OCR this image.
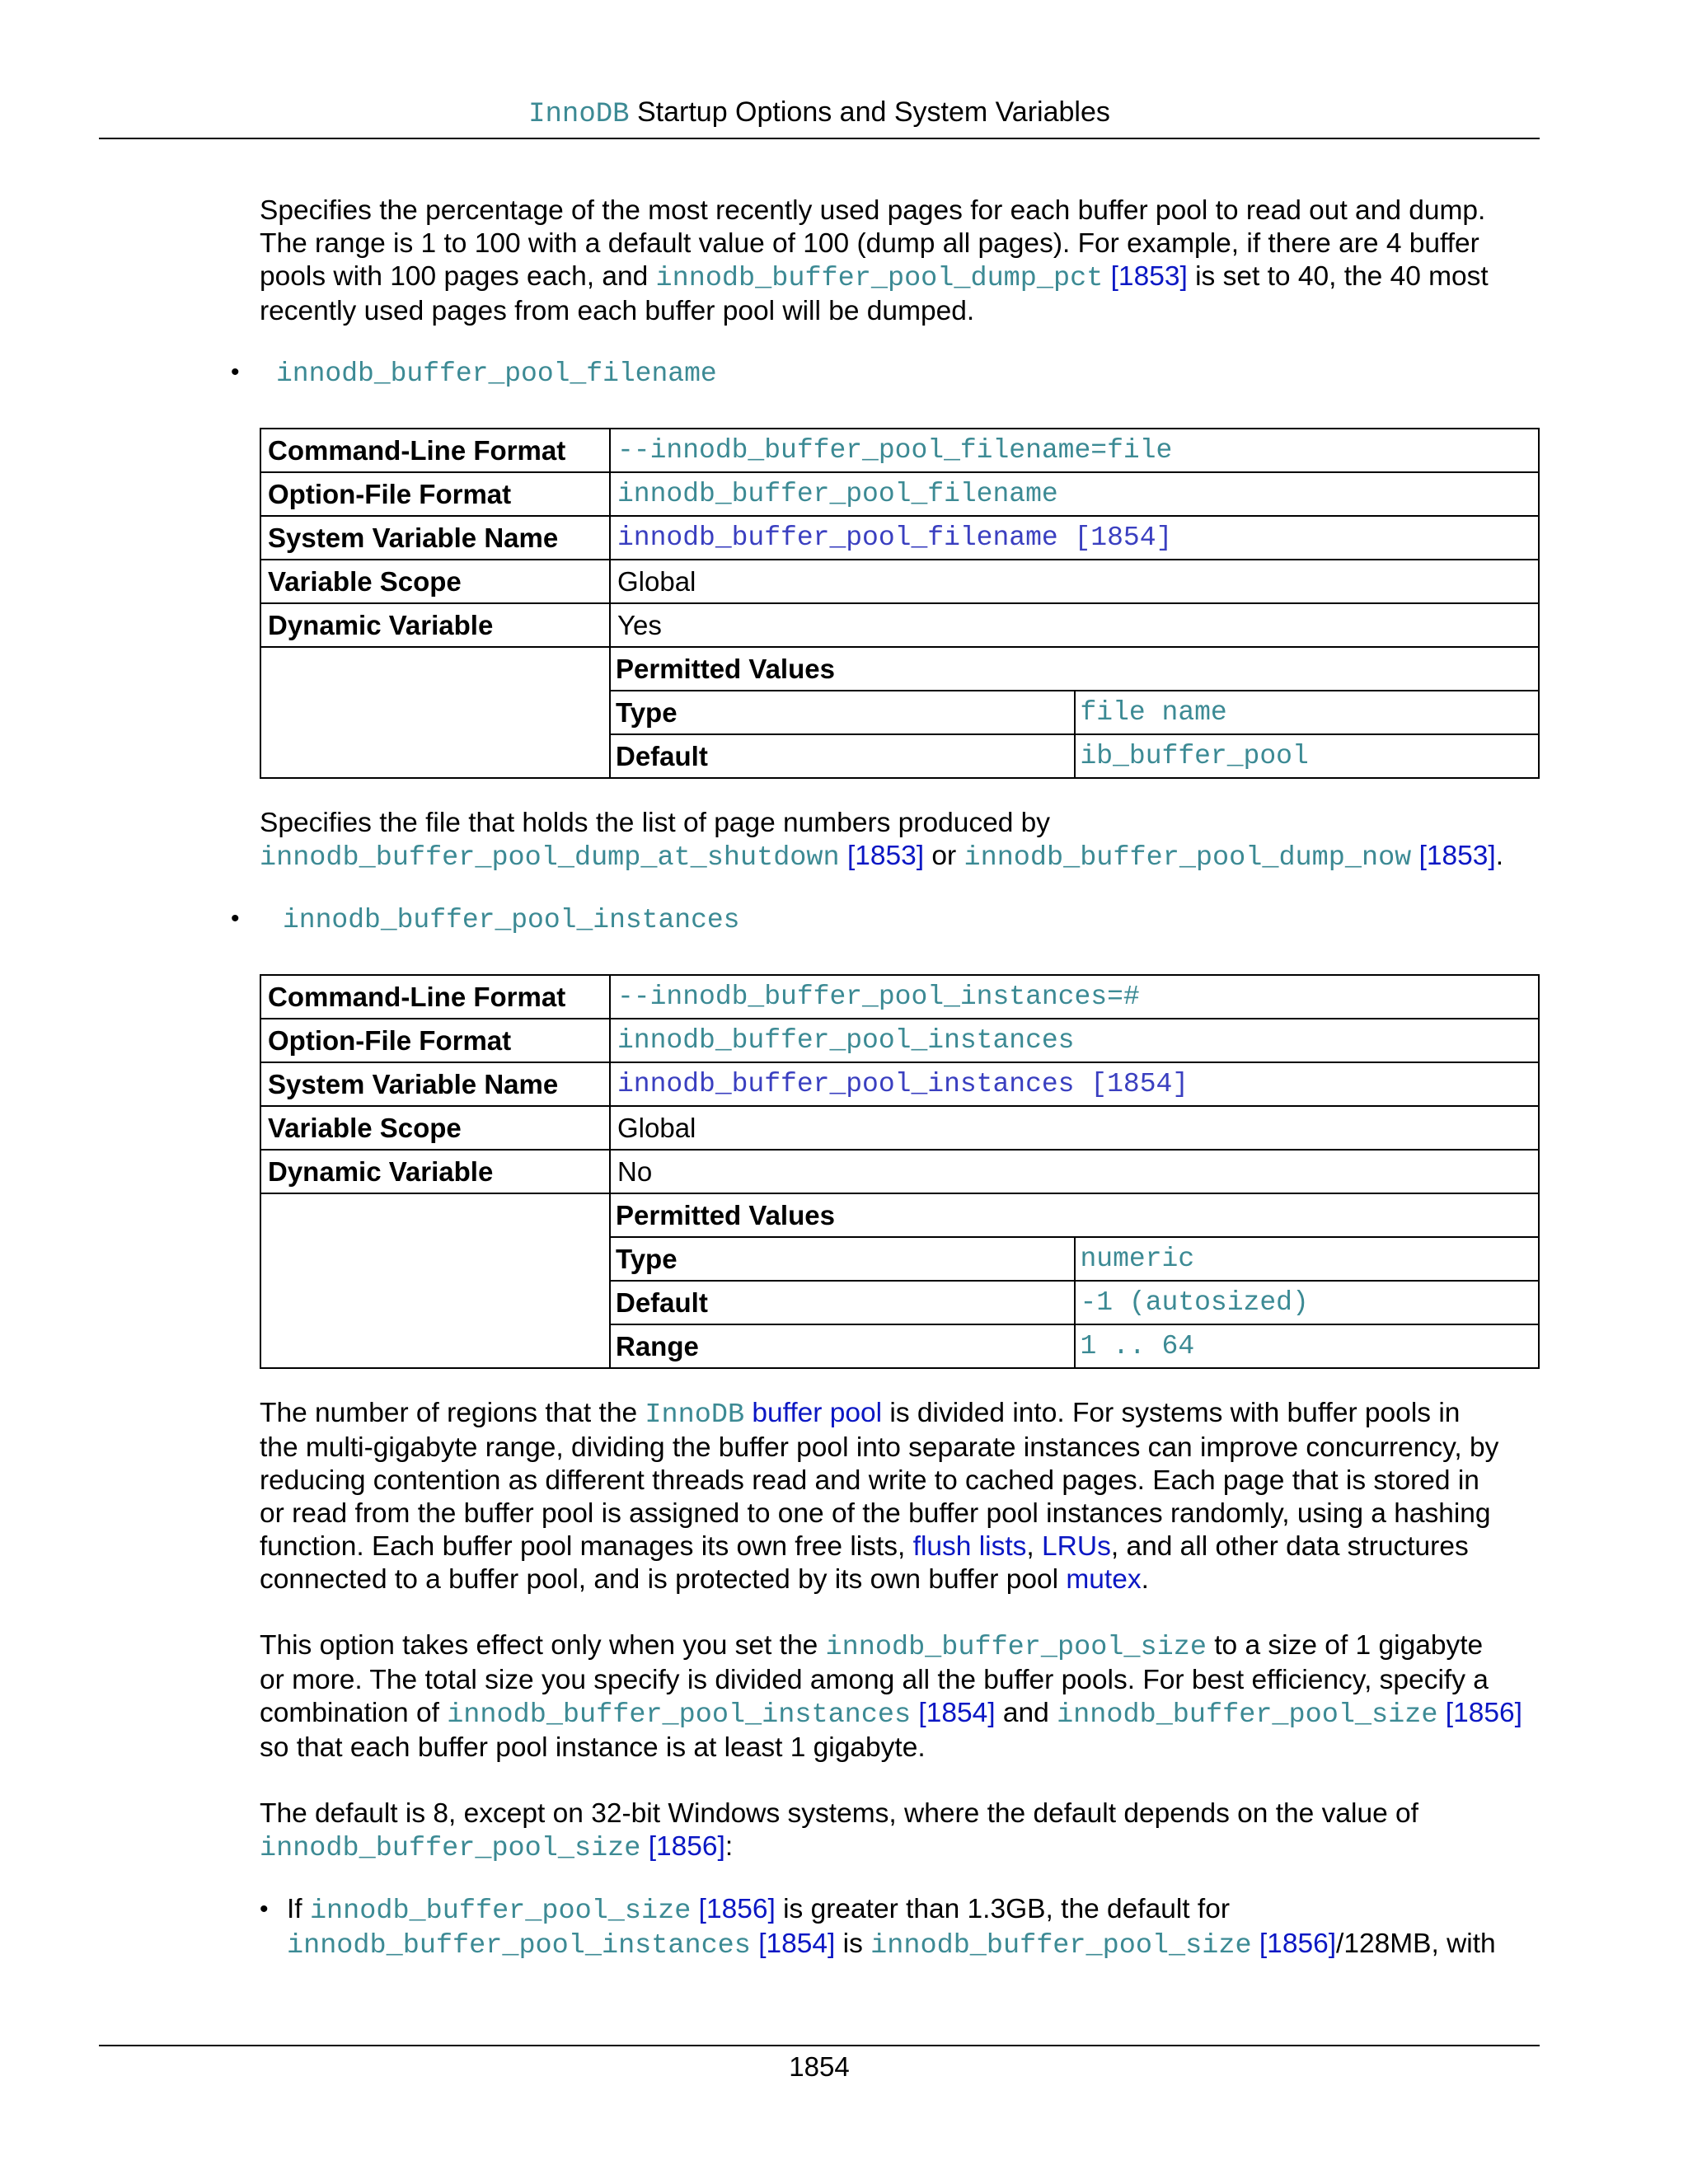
InnoDB Startup Options and System Variables

Specifies the percentage of the most recently used pages for each buffer pool to read out and dump.
The range is 1 to 100 with a default value of 100 (dump all pages). For example, if there are 4 buffer
pools with 100 pages each, and innodb_buffer_pool_dump_pct [1853] is set to 40, the 40 most
recently used pages from each buffer pool will be dumped.

• innodb_buffer_pool_filename
Command-Line Format	--innodb_buffer_pool_filename=file
Option-File Format	innodb_buffer_pool_filename
System Variable Name	innodb_buffer_pool_filename [1854]
Variable Scope	Global
Dynamic Variable	Yes

Permitted Values
Type	file name
Default	ib_buffer_pool

Specifies the file that holds the list of page numbers produced by
innodb_buffer_pool_dump_at_shutdown [1853] or innodb_buffer_pool_dump_now [1853].

• innodb_buffer_pool_instances
Command-Line Format	--innodb_buffer_pool_instances=#
Option-File Format	innodb_buffer_pool_instances
System Variable Name	innodb_buffer_pool_instances [1854]
Variable Scope	Global
Dynamic Variable	No

Permitted Values
Type	numeric
Default	-1 (autosized)
Range	1 .. 64

The number of regions that the InnoDB buffer pool is divided into. For systems with buffer pools in
the multi-gigabyte range, dividing the buffer pool into separate instances can improve concurrency, by
reducing contention as different threads read and write to cached pages. Each page that is stored in
or read from the buffer pool is assigned to one of the buffer pool instances randomly, using a hashing
function. Each buffer pool manages its own free lists, flush lists, LRUs, and all other data structures
connected to a buffer pool, and is protected by its own buffer pool mutex.

This option takes effect only when you set the innodb_buffer_pool_size to a size of 1 gigabyte
or more. The total size you specify is divided among all the buffer pools. For best efficiency, specify a
combination of innodb_buffer_pool_instances [1854] and innodb_buffer_pool_size [1856]
so that each buffer pool instance is at least 1 gigabyte.

The default is 8, except on 32-bit Windows systems, where the default depends on the value of
innodb_buffer_pool_size [1856]:

• If innodb_buffer_pool_size [1856] is greater than 1.3GB, the default for
innodb_buffer_pool_instances [1854] is innodb_buffer_pool_size [1856]/128MB, with
1854
